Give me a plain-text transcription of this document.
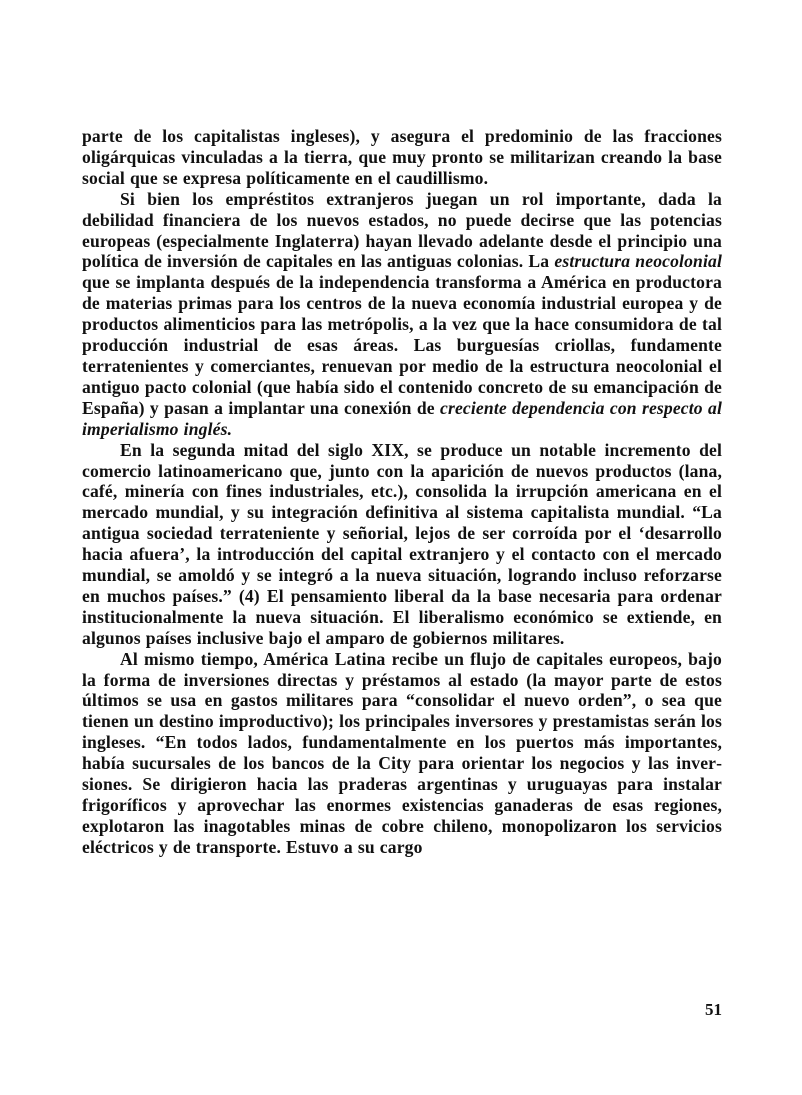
parte de los capitalistas ingleses), y asegura el predominio de las fracciones oligárquicas vinculadas a la tierra, que muy pronto se militarizan creando la base social que se expresa políticamente en el caudillismo.

Si bien los empréstitos extranjeros juegan un rol importante, dada la debilidad financiera de los nuevos estados, no puede decirse que las potencias europeas (especialmente Inglaterra) hayan llevado adelante desde el principio una política de inversión de capitales en las antiguas colonias. La estructura neocolonial que se implanta después de la independencia transforma a América en productora de materias primas para los centros de la nueva economía industrial europea y de productos alimenticios para las metrópolis, a la vez que la hace consumidora de tal producción industrial de esas áreas. Las burguesías criollas, fundamente terratenientes y comerciantes, renuevan por medio de la estructura neocolonial el antiguo pacto colonial (que había sido el contenido concreto de su emancipación de España) y pasan a implantar una conexión de creciente dependencia con respecto al imperialismo inglés.

En la segunda mitad del siglo XIX, se produce un notable incremento del comercio latinoamericano que, junto con la aparición de nuevos productos (lana, café, minería con fines industriales, etc.), consolida la irrupción americana en el mercado mundial, y su integración definitiva al sistema capitalista mundial. “La antigua sociedad terrateniente y señorial, lejos de ser corroída por el ‘desarrollo hacia afuera’, la introducción del capital extranjero y el contacto con el mercado mundial, se amoldó y se integró a la nueva situación, logrando incluso reforzarse en muchos países.” (4) El pensamiento liberal da la base necesaria para ordenar institucionalmente la nueva situación. El liberalismo económico se extiende, en algunos países inclusive bajo el amparo de gobiernos militares.

Al mismo tiempo, América Latina recibe un flujo de capitales europeos, bajo la forma de inversiones directas y préstamos al estado (la mayor parte de estos últimos se usa en gastos militares para “consolidar el nuevo orden”, o sea que tienen un destino improductivo); los principales inversores y prestamistas serán los ingleses. “En todos lados, fundamentalmente en los puertos más importantes, había sucursales de los bancos de la City para orientar los negocios y las inversiones. Se dirigieron hacia las praderas argentinas y uruguayas para instalar frigoríficos y aprovechar las enormes existencias ganaderas de esas regiones, explotaron las inagotables minas de cobre chileno, monopolizaron los servicios eléctricos y de transporte. Estuvo a su cargo

51
